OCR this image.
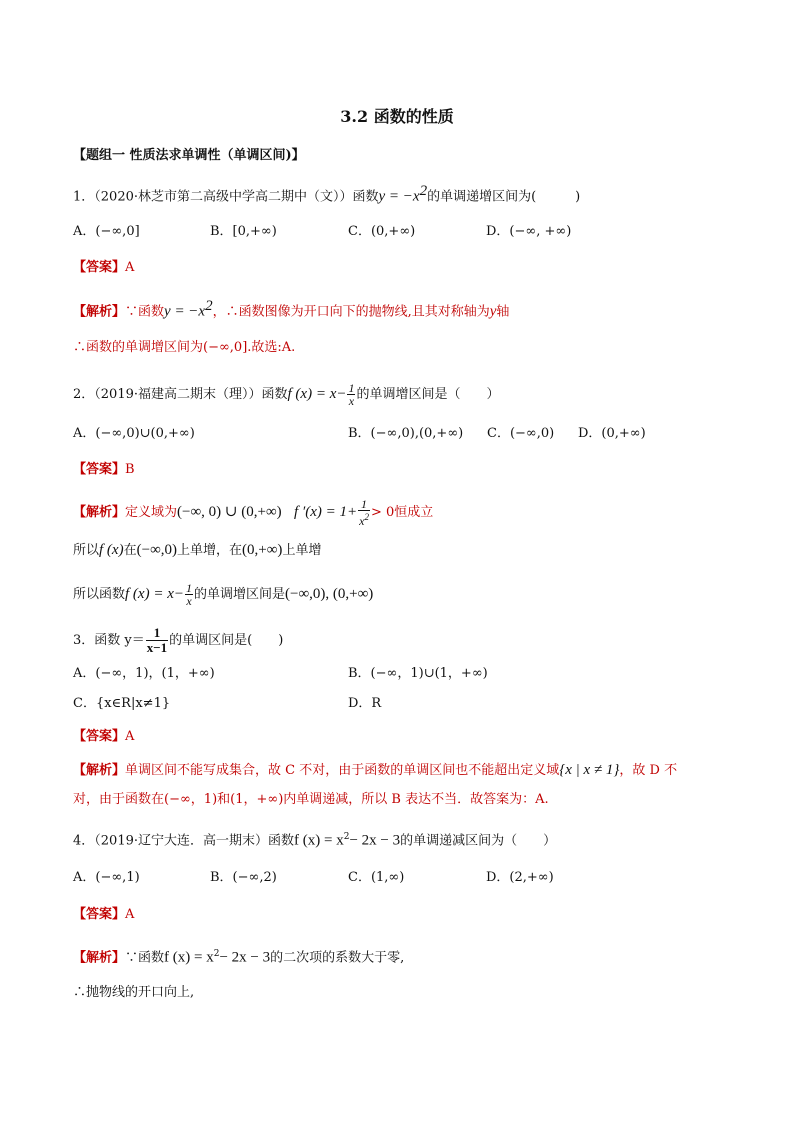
3.2 函数的性质
【题组一 性质法求单调性（单调区间)】
1．（2020·林芝市第二高级中学高二期中（文））函数$y = -x^2$的单调递增区间为(　　　)
A．(−∞,0]	B．[0,+∞)	C．(0,+∞)	D．(−∞, +∞)
【答案】A
【解析】∵函数$y = -x^2$，∴函数图像为开口向下的抛物线,且其对称轴为y轴
∴函数的单调增区间为(−∞,0].故选:A.
2．（2019·福建高二期末（理））函数f $(x) = x- \frac{1}{x}$ 的单调增区间是（　　）
A．(−∞,0)∪(0,+∞)	B．(−∞,0),(0,+∞) C．(−∞,0) D．(0,+∞)
【答案】B
【解析】定义域为(−∞, 0) ∪ (0,+∞) f $'(x) = 1+ \frac{1}{x^2} > 0$恒成立
所以f (x)在(−∞,0)上单增，在(0,+∞)上单增
所以函数f $(x) = x- \frac{1}{x}$ 的单调增区间是(−∞,0), (0,+∞)
3．函数 $y= \frac{1}{x-1}$ 的单调区间是(　　)
A．(−∞，1)，(1，+∞)	B．(−∞，1)∪(1，+∞)
C．{x∈R|x≠1}	D．R
【答案】A
【解析】单调区间不能写成集合，故 C 不对，由于函数的单调区间也不能超出定义域{x | x ≠ 1}，故 D 不
对，由于函数在(−∞，1)和(1，+∞)内单调递减，所以 B 表达不当．故答案为：A.
4．（2019·辽宁大连．高一期末）函数f $(x) = x^2- 2x - 3$的单调递减区间为（　　）
A．(−∞,1)	B．(−∞,2)	C．(1,∞)	D．(2,+∞)
【答案】A
【解析】∵函数f $(x) = x^2- 2x - 3$的二次项的系数大于零,
∴抛物线的开口向上,
